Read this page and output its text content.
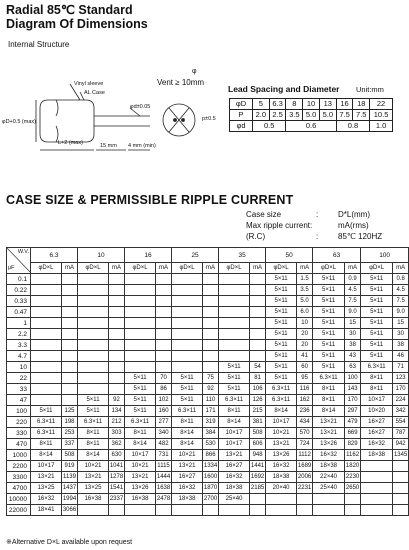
Radial 85℃ Standard
Diagram Of Dimensions
Internal Structure
Vinyl sleeve
AL Case
φD+0.5 (max)
φd±0.05
L+2 (max)	15 mm 4 mm (min)
φ
Vent ≥ 10mm
p±0.5
Lead Spacing and Diameter Unit:mm
φD	5	6.3	8	10	13	16	18	22
P	2.0	2.5	3.5	5.0	5.0	7.5	7.5	10.5
φd	0.5		0.6			0.8		1.0
CASE SIZE & PERMISSIBLE RIPPLE CURRENT
Case size
Max ripple current:
(R.C)
:
:
D*L(mm)
mA(rms)
85℃ 120HZ
W.V.
μF	6.3		10		16		25		35		50		63		100	
	φD×L	mA	φD×L	mA	φD×L	mA	φD×L	mA	φD×L	mA	φD×L	mA	φD×L	mA	φD×L	mA
0.1											5×11	1.5	5×11	0.9	5×11	0.8
0.22											5×11	3.5	5×11	4.5	5×11	4.5
0.33											5×11	5.0	5×11	7.5	5×11	7.5
0.47											5×11	6.0	5×11	9.0	5×11	9.0
1											5×11	10	5×11	15	5×11	15
2.2											5×11	20	5×11	30	5×11	30
3.3											5×11	20	5×11	38	5×11	38
4.7											5×11	41	5×11	43	5×11	46
10									5×11	54	5×11	60	5×11	63	6.3×11	71
22					5×11	70	5×11	75	5×11	81	5×11	95	6.3×11	100	8×11	123
33					5×11	86	5×11	92	5×11	106	6.3×11	116	8×11	143	8×11	170
47			5×11	92	5×11	102	5×11	110	6.3×11	126	6.3×11	162	8×11	170	10×17	224
100	5×11	125	5×11	134	5×11	160	6.3×11	171	8×11	215	8×14	236	8×14	297	10×20	342
220	6.3×11	198	6.3×11	212	6.3×11	277	8×11	319	8×14	381	10×17	434	13×21	479	16×27	554
330	6.3×11	253	8×11	303	8×11	340	8×14	384	10×17	508	10×21	570	13×21	669	16×27	787
470	8×11	337	8×11	362	8×14	482	8×14	530	10×17	606	13×21	724	13×26	829	16×32	942
1000	8×14	508	8×14	630	10×17	731	10×21	866	13×21	948	13×26	1112	16×32	1162	18×38	1345
2200	10×17	919	10×21	1041	10×21	1115	13×21	1334	16×27	1441	16×32	1689	18×38	1820		
3300	13×21	1139	13×21	1278	13×21	1444	16×27	1600	16×32	1692	18×38	2006	22×40	2230		
4700	13×25	1437	13×25	1541	13×26	1638	16×32	1870	18×38	2185	20×40	2231	25×40	2650		
10000	16×32	1994	16×38	2337	16×38	2478	18×38	2700	25×40							
22000	18×41	3066														
※Alternative D×L available upon request
